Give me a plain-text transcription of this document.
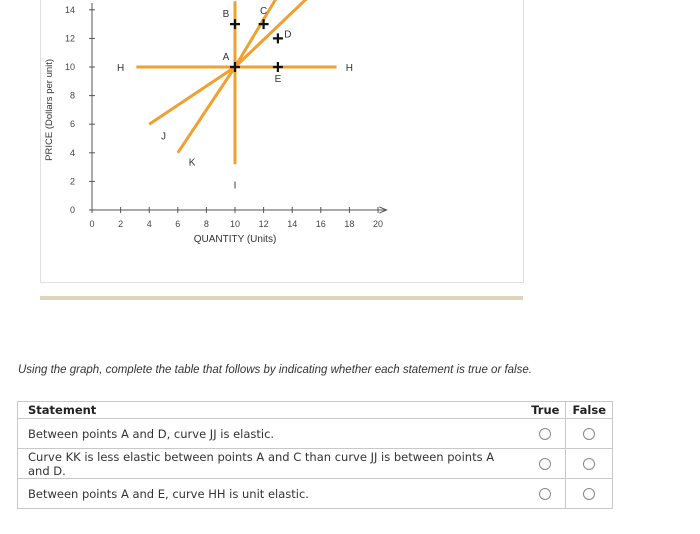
0
2
4
6
8
10
12
14
0	2	4	6	8 10 12 14 16 18 20
PRICE (Dollars per unit)
QUANTITY (Units)
H	H
J
K
I
A
B	C
D
E
Using the graph, complete the table that follows by indicating whether each statement is true or false.
Statement	True	False
Between points A and D, curve JJ is elastic.		
Curve KK is less elastic between points A and C than curve JJ is between points A and D.		
Between points A and E, curve HH is unit elastic.		
